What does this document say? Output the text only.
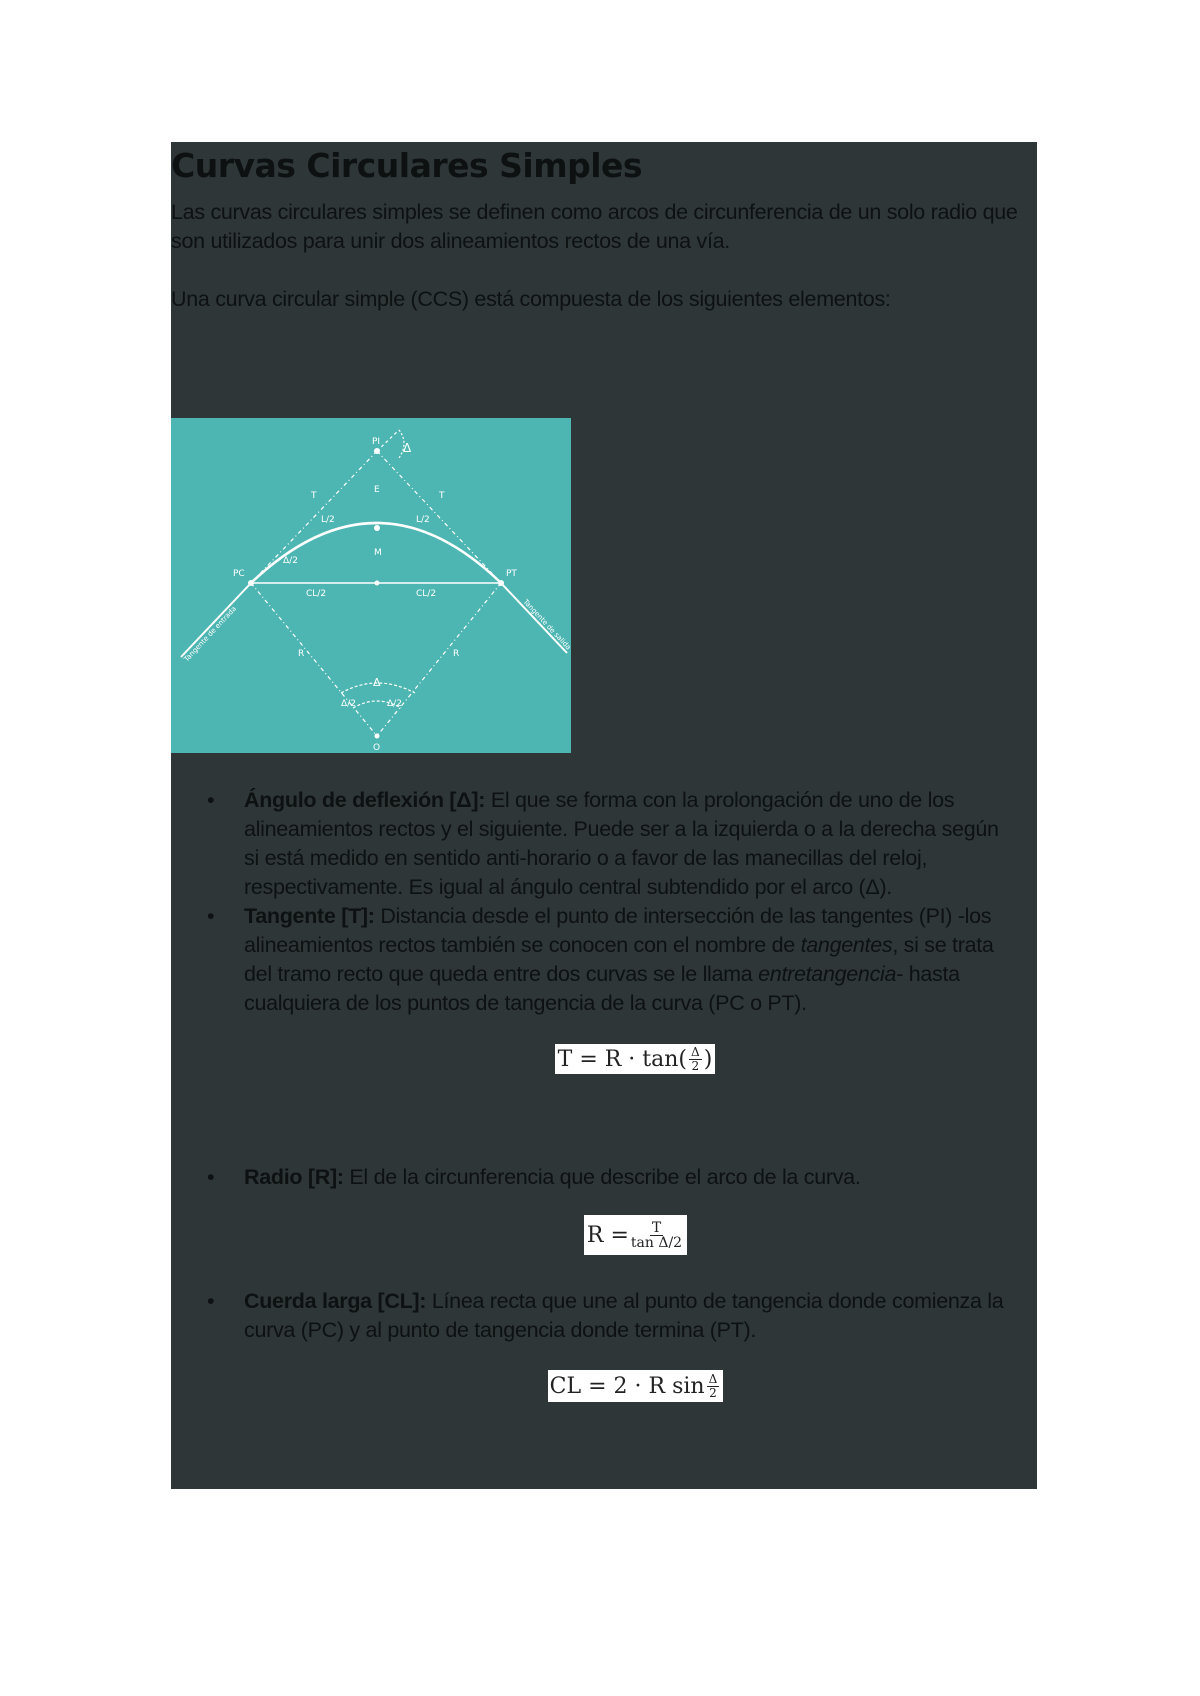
Curvas Circulares Simples
Las curvas circulares simples se definen como arcos de circunferencia de un solo radio que son utilizados para unir dos alineamientos rectos de una vía.
Una curva circular simple (CCS) está compuesta de los siguientes elementos:
PI Δ
PC	PT
O
R	R
T	T
E
M
L/2	L/2
CL/2	CL/2
Δ/2
Δ
Δ/2	Δ/2
Tangente de entrada	Tangente de salida
• Ángulo de deflexión [Δ]: El que se forma con la prolongación de uno de los alineamientos rectos y el siguiente. Puede ser a la izquierda o a la derecha según si está medido en sentido anti-horario o a favor de las manecillas del reloj, respectivamente. Es igual al ángulo central subtendido por el arco (Δ).
• Tangente [T]: Distancia desde el punto de intersección de las tangentes (PI) -los alineamientos rectos también se conocen con el nombre de tangentes, si se trata del tramo recto que queda entre dos curvas se le llama entretangencia- hasta cualquiera de los puntos de tangencia de la curva (PC o PT).
$T = R \cdot \tan( \frac{\Delta}{2}$ )
• Radio [R]: El de la circunferencia que describe el arco de la curva.
$R = \frac{T}{\text{tan Δ/2}}$
• Cuerda larga [CL]: Línea recta que une al punto de tangencia donde comienza la curva (PC) y al punto de tangencia donde termina (PT).
CL = 2 · R $\sin \frac{\Delta}{2}$
